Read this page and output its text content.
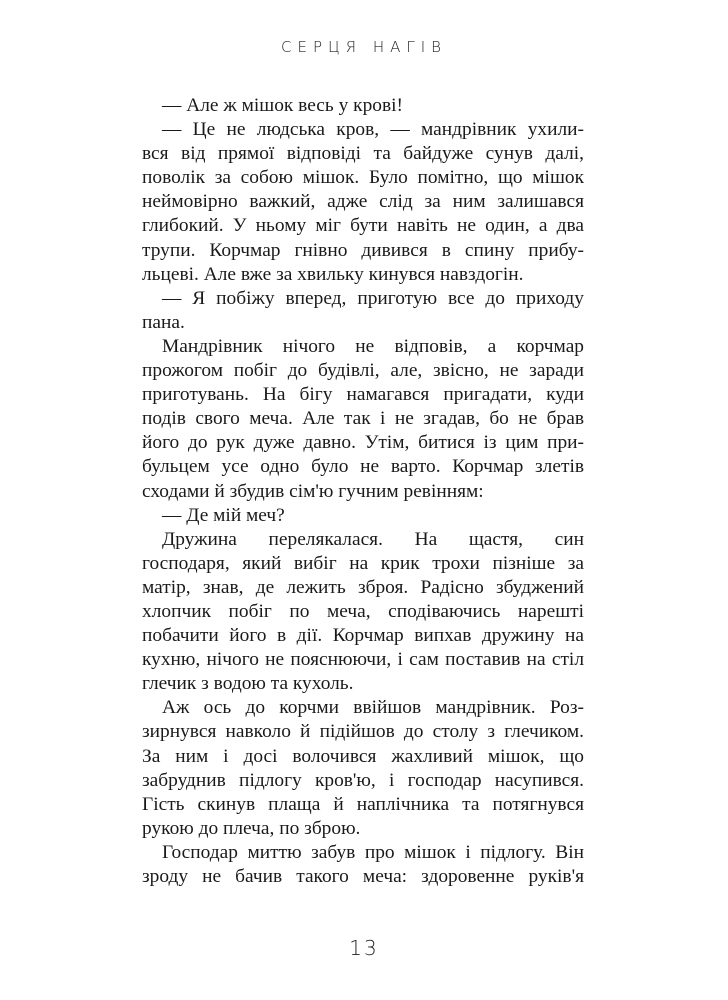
СЕРЦЯ НАГІВ
— Але ж мішок весь у крові!
— Це не людська кров, — мандрівник ухили-
вся від прямої відповіді та байдуже сунув далі,
поволік за собою мішок. Було помітно, що мішок
неймовірно важкий, адже слід за ним залишався
глибокий. У ньому міг бути навіть не один, а два
трупи. Корчмар гнівно дивився в спину прибу-
льцеві. Але вже за хвильку кинувся навздогін.
— Я побіжу вперед, приготую все до приходу
пана.
Мандрівник нічого не відповів, а корчмар
прожогом побіг до будівлі, але, звісно, не заради
приготувань. На бігу намагався пригадати, куди
подів свого меча. Але так і не згадав, бо не брав
його до рук дуже давно. Утім, битися із цим при-
бульцем усе одно було не варто. Корчмар злетів
сходами й збудив сім'ю гучним ревінням:
— Де мій меч?
Дружина перелякалася. На щастя, син
господаря, який вибіг на крик трохи пізніше за
матір, знав, де лежить зброя. Радісно збуджений
хлопчик побіг по меча, сподіваючись нарешті
побачити його в дії. Корчмар випхав дружину на
кухню, нічого не пояснюючи, і сам поставив на стіл
глечик з водою та кухоль.
Аж ось до корчми ввійшов мандрівник. Роз-
зирнувся навколо й підійшов до столу з глечиком.
За ним і досі волочився жахливий мішок, що
забруднив підлогу кров'ю, і господар насупився.
Гість скинув плаща й наплічника та потягнувся
рукою до плеча, по зброю.
Господар миттю забув про мішок і підлогу. Він
зроду не бачив такого меча: здоровенне руків'я
13
